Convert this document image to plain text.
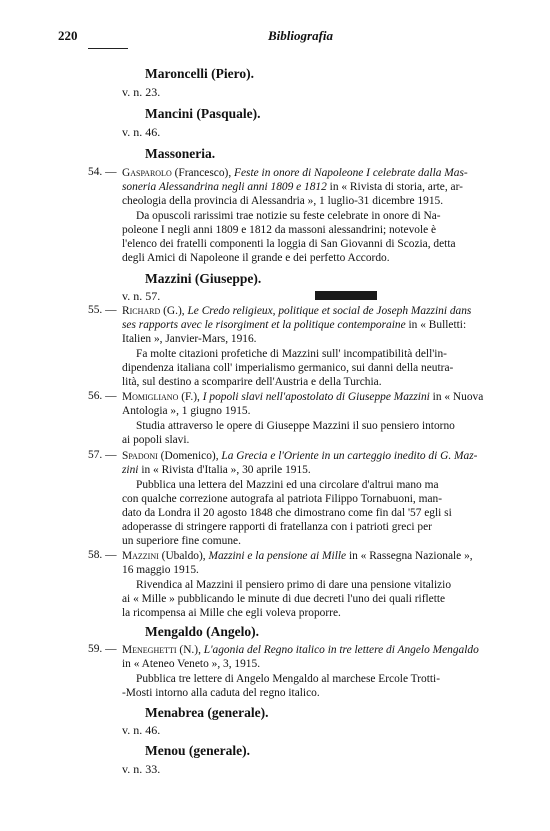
220	Bibliografia
Maroncelli (Piero).
v. n. 23.
Mancini (Pasquale).
v. n. 46.
Massoneria.
54. — Gasparolo (Francesco), Feste in onore di Napoleone I celebrate dalla Mas-
soneria Alessandrina negli anni 1809 e 1812 in « Rivista di storia, arte, ar-
cheologia della provincia di Alessandria », 1 luglio-31 dicembre 1915.
Da opuscoli rarissimi trae notizie su feste celebrate in onore di Na-
poleone I negli anni 1809 e 1812 da massoni alessandrini; notevole è
l'elenco dei fratelli componenti la loggia di San Giovanni di Scozia, detta
degli Amici di Napoleone il grande e dei perfetto Accordo.
Mazzini (Giuseppe).
v. n. 57.
55. — Richard (G.), Le Credo religieux, politique et social de Joseph Mazzini dans
ses rapports avec le risorgiment et la politique contemporaine in « Bulletti:
Italien », Janvier-Mars, 1916.
Fa molte citazioni profetiche di Mazzini sull' incompatibilità dell'in-
dipendenza italiana coll' imperialismo germanico, sui danni della neutra-
lità, sul destino a scomparire dell'Austria e della Turchia.
56. — Momigliano (F.), I popoli slavi nell'apostolato di Giuseppe Mazzini in « Nuova
Antologia », 1 giugno 1915.
Studia attraverso le opere di Giuseppe Mazzini il suo pensiero intorno
ai popoli slavi.
57. — Spadoni (Domenico), La Grecia e l'Oriente in un carteggio inedito di G. Maz-
zini in « Rivista d'Italia », 30 aprile 1915.
Pubblica una lettera del Mazzini ed una circolare d'altrui mano ma
con qualche correzione autografa al patriota Filippo Tornabuoni, man-
dato da Londra il 20 agosto 1848 che dimostrano come fin dal '57 egli si
adoperasse di stringere rapporti di fratellanza con i patrioti greci per
un superiore fine comune.
58. — Mazzini (Ubaldo), Mazzini e la pensione ai Mille in « Rassegna Nazionale »,
16 maggio 1915.
Rivendica al Mazzini il pensiero primo di dare una pensione vitalizio
ai « Mille » pubblicando le minute di due decreti l'uno dei quali riflette
la ricompensa ai Mille che egli voleva proporre.
Mengaldo (Angelo).
59. — Meneghetti (N.), L'agonia del Regno italico in tre lettere di Angelo Mengaldo
in « Ateneo Veneto », 3, 1915.
Pubblica tre lettere di Angelo Mengaldo al marchese Ercole Trotti-
-Mosti intorno alla caduta del regno italico.
Menabrea (generale).
v. n. 46.
Menou (generale).
v. n. 33.
